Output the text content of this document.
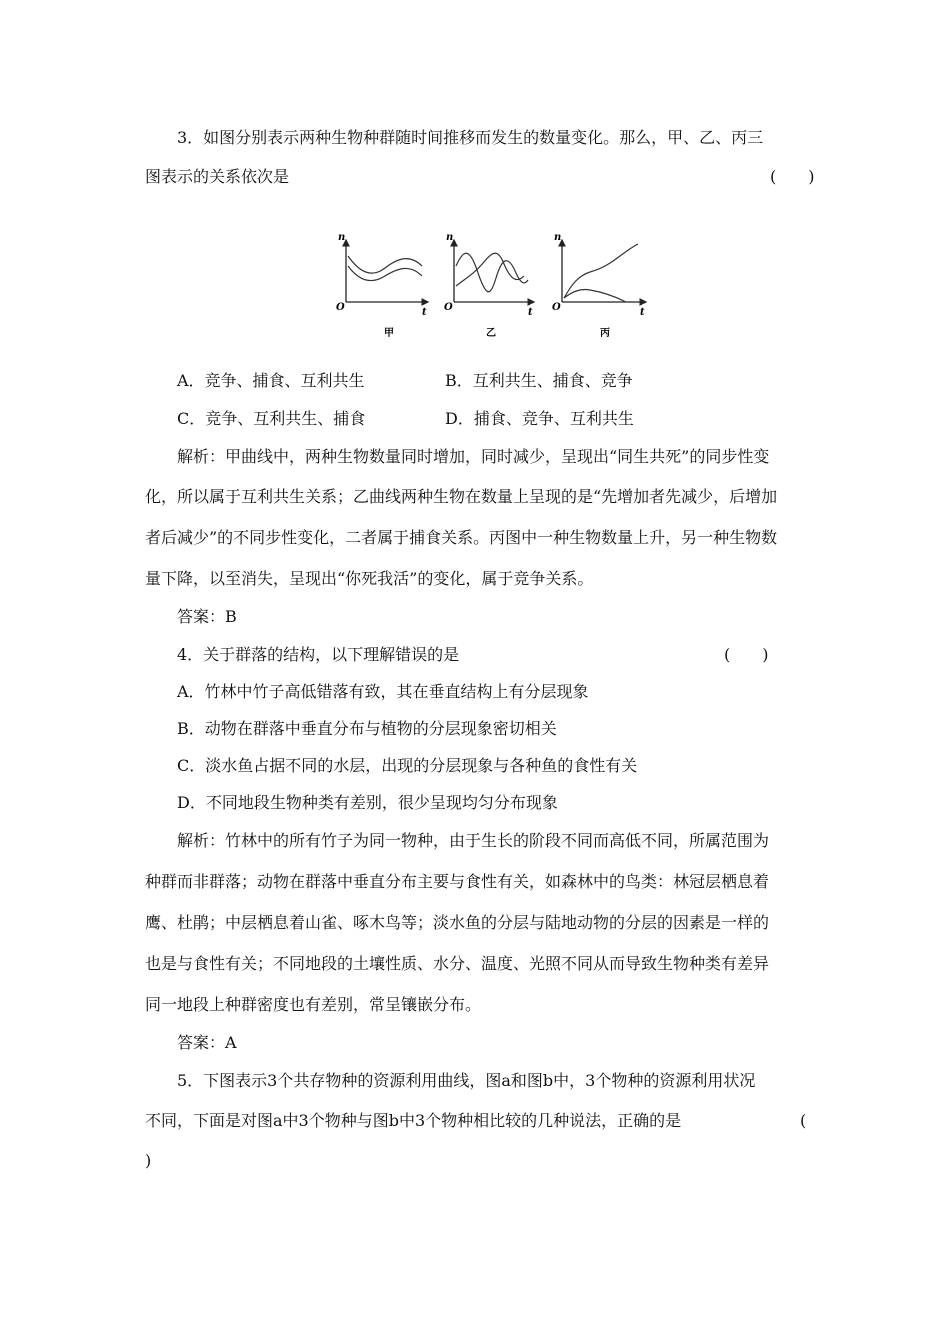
3．如图分别表示两种生物种群随时间推移而发生的数量变化。那么，甲、乙、丙三
图表示的关系依次是	(　　)
n
t
O
甲
n
t
O
乙
n
t
O
丙
A．竞争、捕食、互利共生	B．互利共生、捕食、竞争
C．竞争、互利共生、捕食	D．捕食、竞争、互利共生
解析：甲曲线中，两种生物数量同时增加，同时减少，呈现出“同生共死”的同步性变
化，所以属于互利共生关系；乙曲线两种生物在数量上呈现的是“先增加者先减少，后增加
者后减少”的不同步性变化，二者属于捕食关系。丙图中一种生物数量上升，另一种生物数
量下降，以至消失，呈现出“你死我活”的变化，属于竞争关系。
答案：B
4．关于群落的结构，以下理解错误的是	(　　)
A．竹林中竹子高低错落有致，其在垂直结构上有分层现象
B．动物在群落中垂直分布与植物的分层现象密切相关
C．淡水鱼占据不同的水层，出现的分层现象与各种鱼的食性有关
D．不同地段生物种类有差别，很少呈现均匀分布现象
解析：竹林中的所有竹子为同一物种，由于生长的阶段不同而高低不同，所属范围为
种群而非群落；动物在群落中垂直分布主要与食性有关，如森林中的鸟类：林冠层栖息着
鹰、杜鹃；中层栖息着山雀、啄木鸟等；淡水鱼的分层与陆地动物的分层的因素是一样的
也是与食性有关；不同地段的土壤性质、水分、温度、光照不同从而导致生物种类有差异
同一地段上种群密度也有差别，常呈镶嵌分布。
答案：A
5．下图表示3个共存物种的资源利用曲线，图a和图b中，3个物种的资源利用状况
不同，下面是对图a中3个物种与图b中3个物种相比较的几种说法，正确的是	(
)
